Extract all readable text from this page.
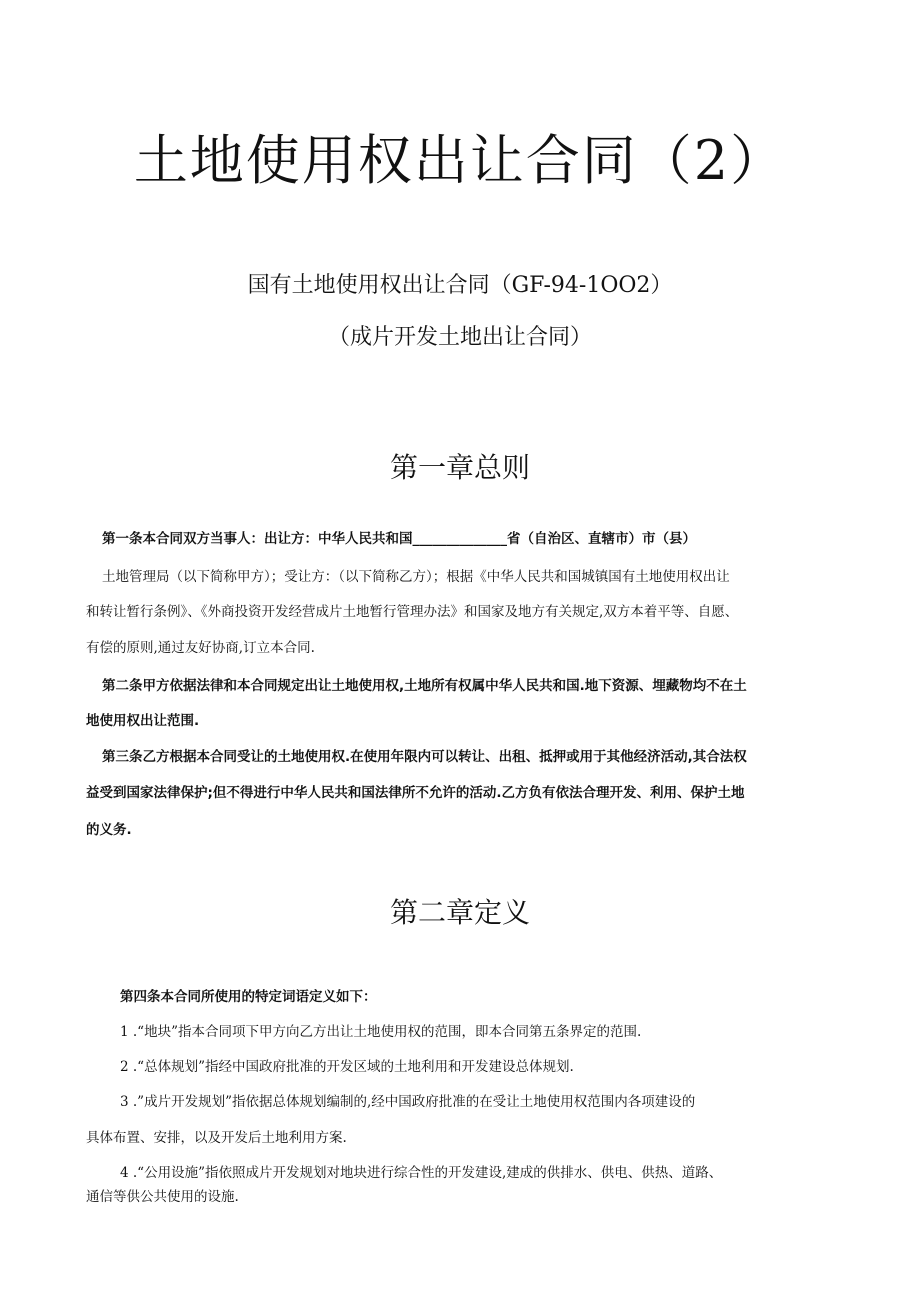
土地使用权出让合同（2）
国有土地使用权出让合同（GF-94-1OO2）
（成片开发土地出让合同）
第一章总则
第一条本合同双方当事人：出让方：中华人民共和国______________省（自治区、直辖市）市（县）
土地管理局（以下简称甲方）；受让方：（以下简称乙方）；根据《中华人民共和国城镇国有土地使用权出让
和转让暂行条例》、《外商投资开发经营成片土地暂行管理办法》和国家及地方有关规定,双方本着平等、自愿、
有偿的原则,通过友好协商,订立本合同.
第二条甲方依据法律和本合同规定出让土地使用权,土地所有权属中华人民共和国.地下资源、埋藏物均不在土
地使用权出让范围.
第三条乙方根据本合同受让的土地使用权.在使用年限内可以转让、出租、抵押或用于其他经济活动,其合法权
益受到国家法律保护;但不得进行中华人民共和国法律所不允许的活动.乙方负有依法合理开发、利用、保护土地
的义务.
第二章定义
第四条本合同所使用的特定词语定义如下：
1 .“地块”指本合同项下甲方向乙方出让土地使用权的范围，即本合同第五条界定的范围.
2 .“总体规划”指经中国政府批准的开发区域的土地利用和开发建设总体规划.
3 .”成片开发规划”指依据总体规划编制的,经中国政府批准的在受让土地使用权范围内各项建设的
具体布置、安排，以及开发后土地利用方案.
4 .“公用设施”指依照成片开发规划对地块进行综合性的开发建设,建成的供排水、供电、供热、道路、
通信等供公共使用的设施.
